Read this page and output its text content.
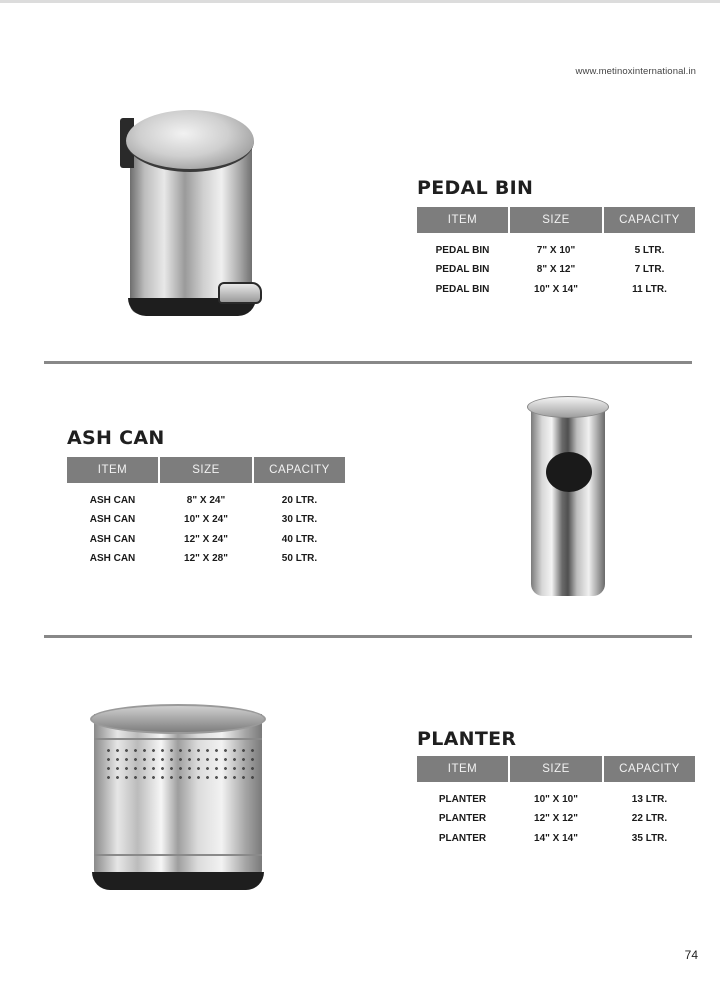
www.metinoxinternational.in
PEDAL BIN
ITEM	SIZE	CAPACITY
PEDAL BIN	7" X 10"	5 LTR.
PEDAL BIN	8" X 12"	7 LTR.
PEDAL BIN	10" X 14"	11 LTR.
ASH CAN
ITEM	SIZE	CAPACITY
ASH CAN	8" X 24"	20 LTR.
ASH CAN	10" X 24"	30 LTR.
ASH CAN	12" X 24"	40 LTR.
ASH CAN	12" X 28"	50 LTR.
PLANTER
ITEM	SIZE	CAPACITY
PLANTER	10" X 10"	13 LTR.
PLANTER	12" X 12"	22 LTR.
PLANTER	14" X 14"	35 LTR.
74
